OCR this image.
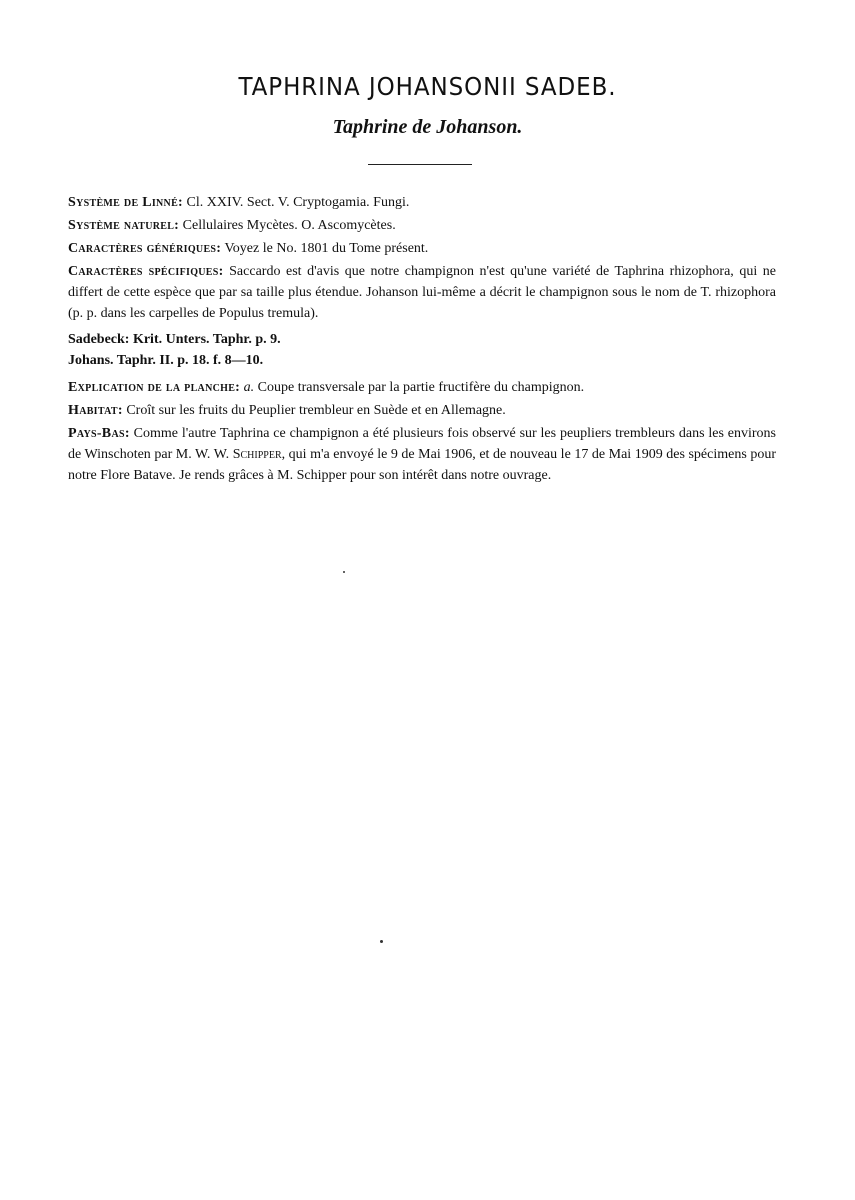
TAPHRINA JOHANSONII SADEB.
Taphrine de Johanson.

Système de Linné: Cl. XXIV. Sect. V. Cryptogamia. Fungi.

Système naturel: Cellulaires Mycètes. O. Ascomycètes.

Caractères génériques: Voyez le No. 1801 du Tome présent.

Caractères spécifiques: Saccardo est d'avis que notre champignon n'est qu'une variété de Taphrina rhizophora, qui ne differt de cette espèce que par sa taille plus étendue. Johanson lui-même a décrit le champignon sous le nom de T. rhizophora (p. p. dans les carpelles de Populus tremula).

Sadebeck: Krit. Unters. Taphr. p. 9.

Johans. Taphr. II. p. 18. f. 8—10.

Explication de la planche: a. Coupe transversale par la partie fructifère du champignon.

Habitat: Croît sur les fruits du Peuplier trembleur en Suède et en Allemagne.

Pays-Bas: Comme l'autre Taphrina ce champignon a été plusieurs fois observé sur les peupliers trembleurs dans les environs de Winschoten par M. W. W. Schipper, qui m'a envoyé le 9 de Mai 1906, et de nouveau le 17 de Mai 1909 des spécimens pour notre Flore Batave. Je rends grâces à M. Schipper pour son intérêt dans notre ouvrage.
